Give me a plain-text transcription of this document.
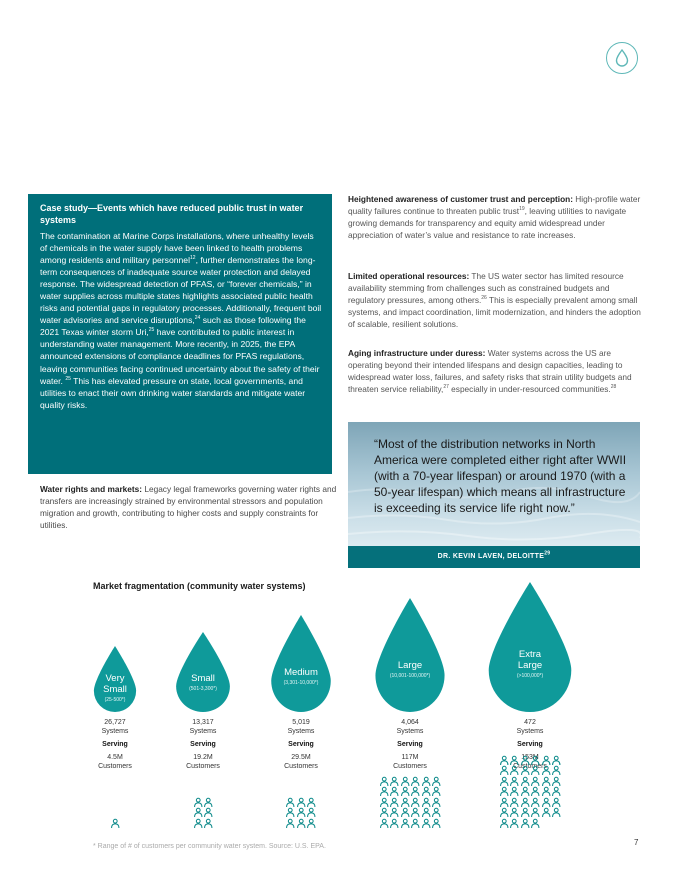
Case study—Events which have reduced public trust in water systems

The contamination at Marine Corps installations, where unhealthy levels of chemicals in the water supply have been linked to health problems among residents and military personnel$^{12}$, further demonstrates the long-term consequences of inadequate source water protection and delayed response. The widespread detection of PFAS, or “forever chemicals,” in water supplies across multiple states highlights associated public health risks and potential gaps in regulatory processes. Additionally, frequent boil water advisories and service disruptions,$^{24}$ such as those following the 2021 Texas winter storm Uri,$^{25}$ have contributed to public interest in understanding water management. More recently, in 2025, the EPA announced extensions of compliance deadlines for PFAS regulations, leaving communities facing continued uncertainty about the safety of their water. $^{25}$ This has elevated pressure on state, local governments, and utilities to enact their own drinking water standards and mitigate water quality risks.

Water rights and markets: Legacy legal frameworks governing water rights and transfers are increasingly strained by environmental stressors and population migration and growth, contributing to higher costs and supply constraints for utilities.
Heightened awareness of customer trust and perception: High-profile water quality failures continue to threaten public trust$^{19}$, leaving utilities to navigate growing demands for transparency and equity amid widespread under appreciation of water’s value and resistance to rate increases.
Limited operational resources: The US water sector has limited resource availability stemming from challenges such as constrained budgets and regulatory pressures, among others.$^{26}$ This is especially prevalent among small systems, and impact coordination, limit modernization, and hinders the adoption of scalable, resilient solutions.
Aging infrastructure under duress: Water systems across the US are operating beyond their intended lifespans and design capacities, leading to widespread water loss, failures, and safety risks that strain utility budgets and threaten service reliability,$^{27}$ especially in under-resourced communities.$^{28}$
“Most of the distribution networks in North America were completed either right after WWII (with a 70-year lifespan) or around 1970 (with a 50-year lifespan) which means all infrastructure is exceeding its service life right now.”
DR. KEVIN LAVEN, DELOITTE$^{29}$
Market fragmentation (community water systems)
Very
Small
(25-500*)
26,727
Systems
Serving
4.5M
Customers
Small
(501-3,300*)
13,317
Systems
Serving
19.2M
Customers
Medium
(3,301-10,000*)
5,019
Systems
Serving
29.5M
Customers
Large
(10,001-100,000*)
4,064
Systems
Serving
117M
Customers
Extra
Large
(>100,000*)
472
Systems
Serving
153M
Customers
* Range of # of customers per community water system. Source: U.S. EPA.	7
